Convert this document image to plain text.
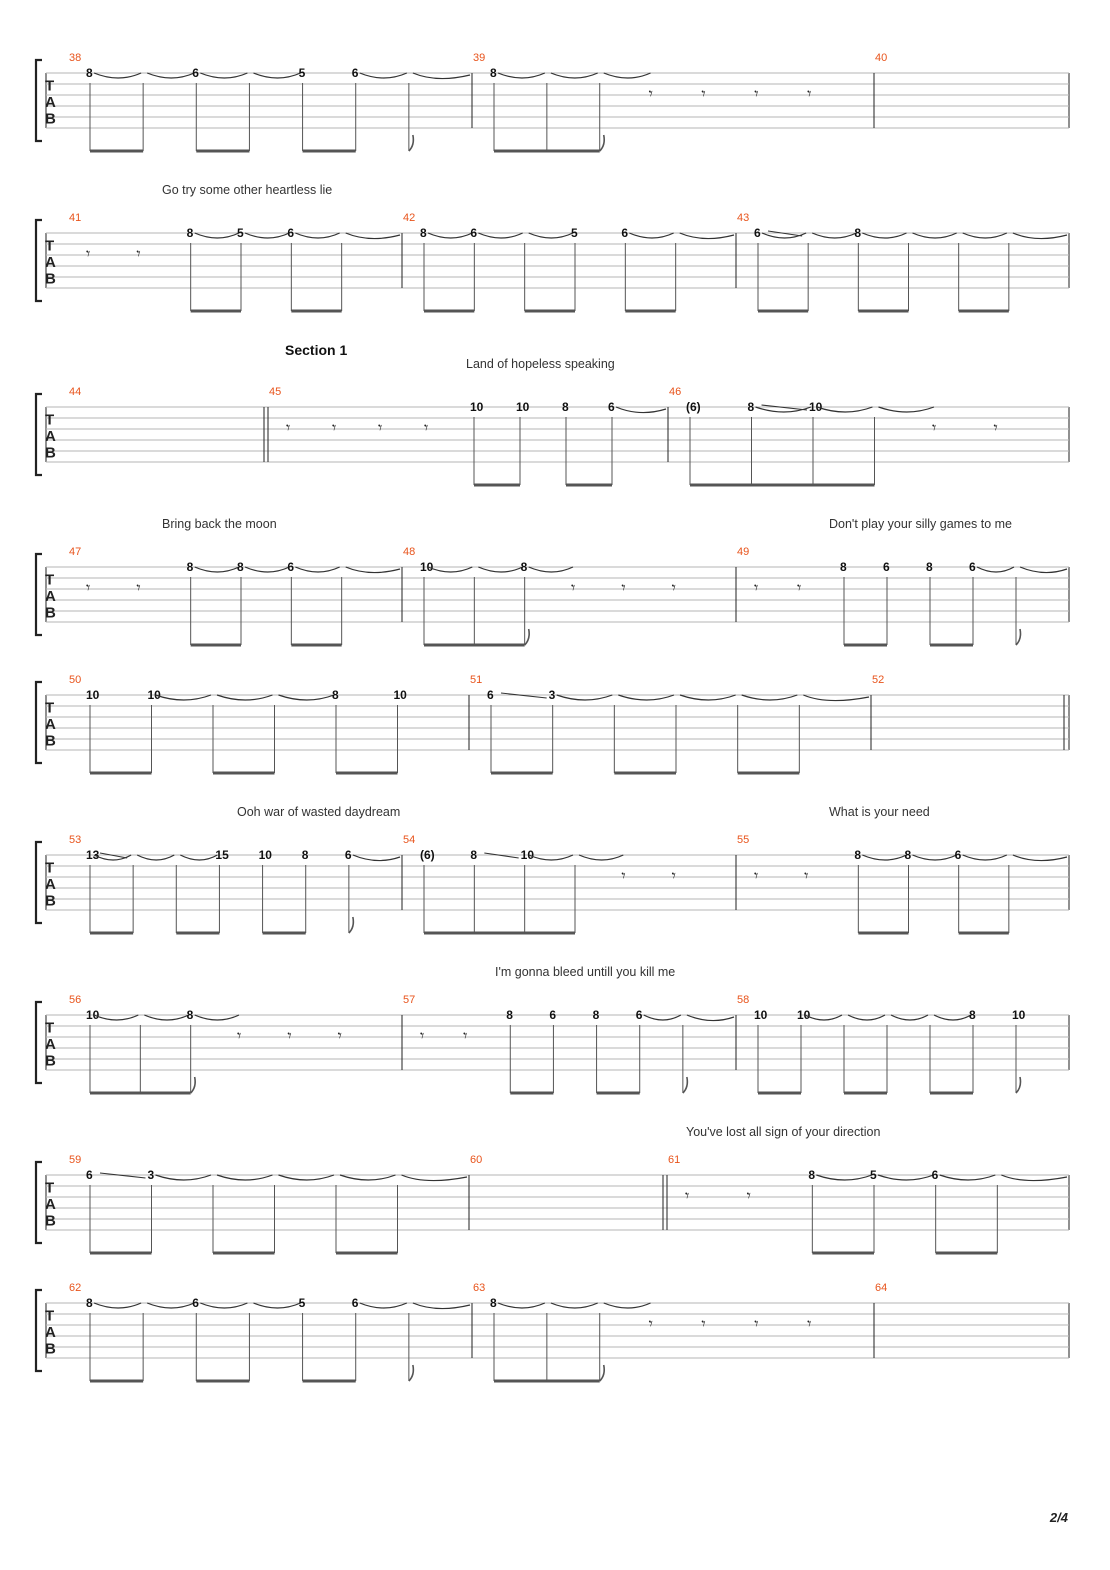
T
A
B
38
8	6	5	6
39
8
𝄾	𝄾	𝄾	𝄾
40
T
A
B
41
𝄾	𝄾
8	5	6
42
8	6	5	6
43
6	8
T
A
B
44	45
𝄾	𝄾	𝄾	𝄾
10	10	8	6
46
(6)	8	10
𝄾	𝄾
T
A
B
47
𝄾	𝄾
8	8	6
48
10	8
𝄾	𝄾	𝄾
49
𝄾 𝄾
8	6	8	6
T
A
B
50
10	10	8	10
51
6	3
52
T
A
B
53
13	15 10 8	6
54
(6)	8	10
𝄾	𝄾
55
𝄾	𝄾
8	8	6
T
A
B
56
10	8
𝄾	𝄾	𝄾
57
𝄾 𝄾
8	6	8	6
58
10 10	8	10
T
A
B
59
6	3
60	61
𝄾	𝄾
8	5	6
T
A
B
62
8	6	5	6
63
8
𝄾	𝄾	𝄾	𝄾
64
Go try some other heartless lie
Section 1
Land of hopeless speaking
Bring back the moon	Don't play your silly games to me
Ooh war of wasted daydream	What is your need
I'm gonna bleed untill you kill me
You've lost all sign of your direction
2/4
